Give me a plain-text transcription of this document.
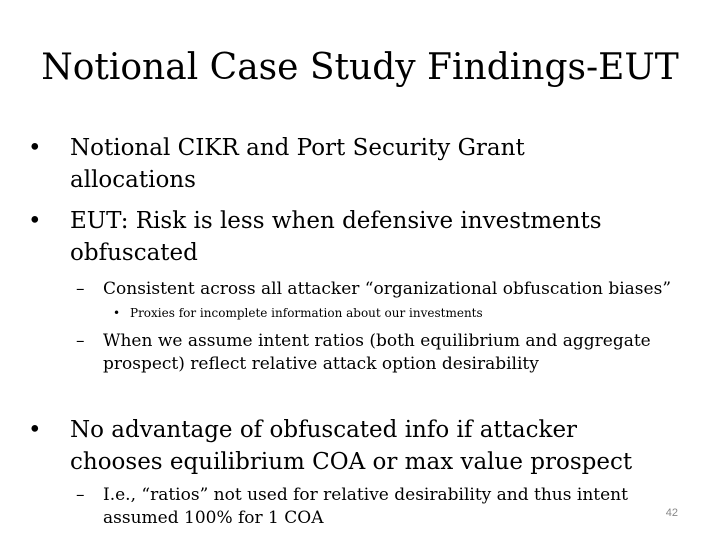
Notional Case Study Findings-EUT
•	Notional CIKR and Port Security Grant
allocations
•	EUT: Risk is less when defensive investments
obfuscated
–	Consistent across all attacker “organizational obfuscation biases”
• Proxies for incomplete information about our investments
–	When we assume intent ratios (both equilibrium and aggregate
prospect) reflect relative attack option desirability
•	No advantage of obfuscated info if attacker
chooses equilibrium COA or max value prospect
–	I.e., “ratios” not used for relative desirability and thus intent
assumed 100% for 1 COA	42
